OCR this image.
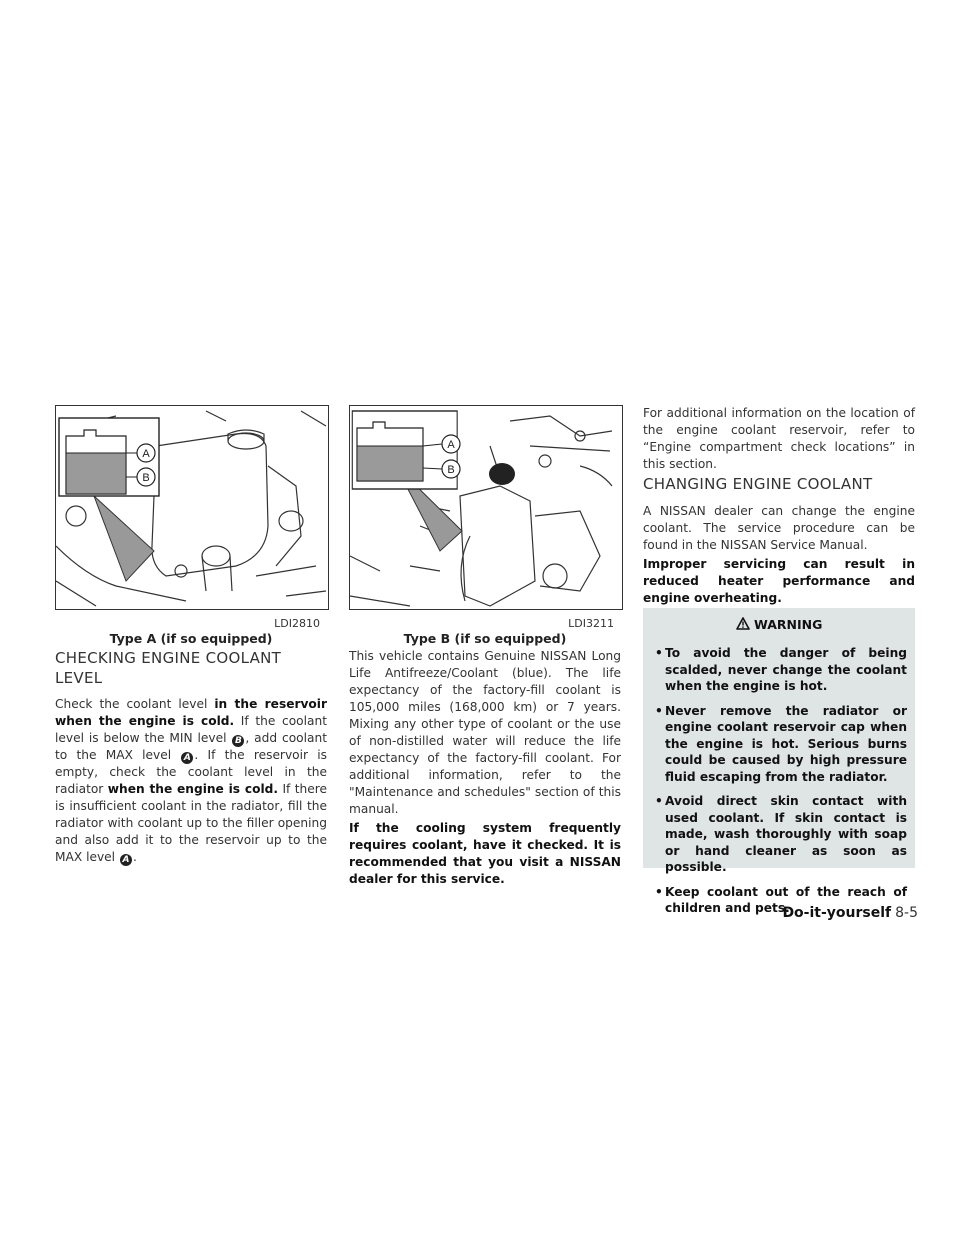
A
B
LDI2810
Type A (if so equipped)
A
B
LDI3211
Type B (if so equipped)
CHECKING ENGINE COOLANT LEVEL

Check the coolant level in the reservoir when the engine is cold. If the coolant level is below the MIN level B , add coolant to the MAX level A . If the reservoir is empty, check the coolant level in the radiator when the engine is cold. If there is insufficient coolant in the radiator, fill the radiator with coolant up to the filler opening and also add it to the reservoir up to the MAX level A .

This vehicle contains Genuine NISSAN Long Life Antifreeze/Coolant (blue). The life expectancy of the factory-fill coolant is 105,000 miles (168,000 km) or 7 years. Mixing any other type of coolant or the use of non-distilled water will reduce the life expectancy of the factory-fill coolant. For additional information, refer to the "Maintenance and schedules" section of this manual.

If the cooling system frequently requires coolant, have it checked. It is recommended that you visit a NISSAN dealer for this service.

For additional information on the location of the engine coolant reservoir, refer to “Engine compartment check locations” in this section.

CHANGING ENGINE COOLANT

A NISSAN dealer can change the engine coolant. The service procedure can be found in the NISSAN Service Manual.

Improper servicing can result in reduced heater performance and engine overheating.

WARNING
• To avoid the danger of being scalded, never change the coolant when the engine is hot.
• Never remove the radiator or engine coolant reservoir cap when the engine is hot. Serious burns could be caused by high pressure fluid escaping from the radiator.
• Avoid direct skin contact with used coolant. If skin contact is made, wash thoroughly with soap or hand cleaner as soon as possible.
• Keep coolant out of the reach of children and pets.
Do-it-yourself 8-5
